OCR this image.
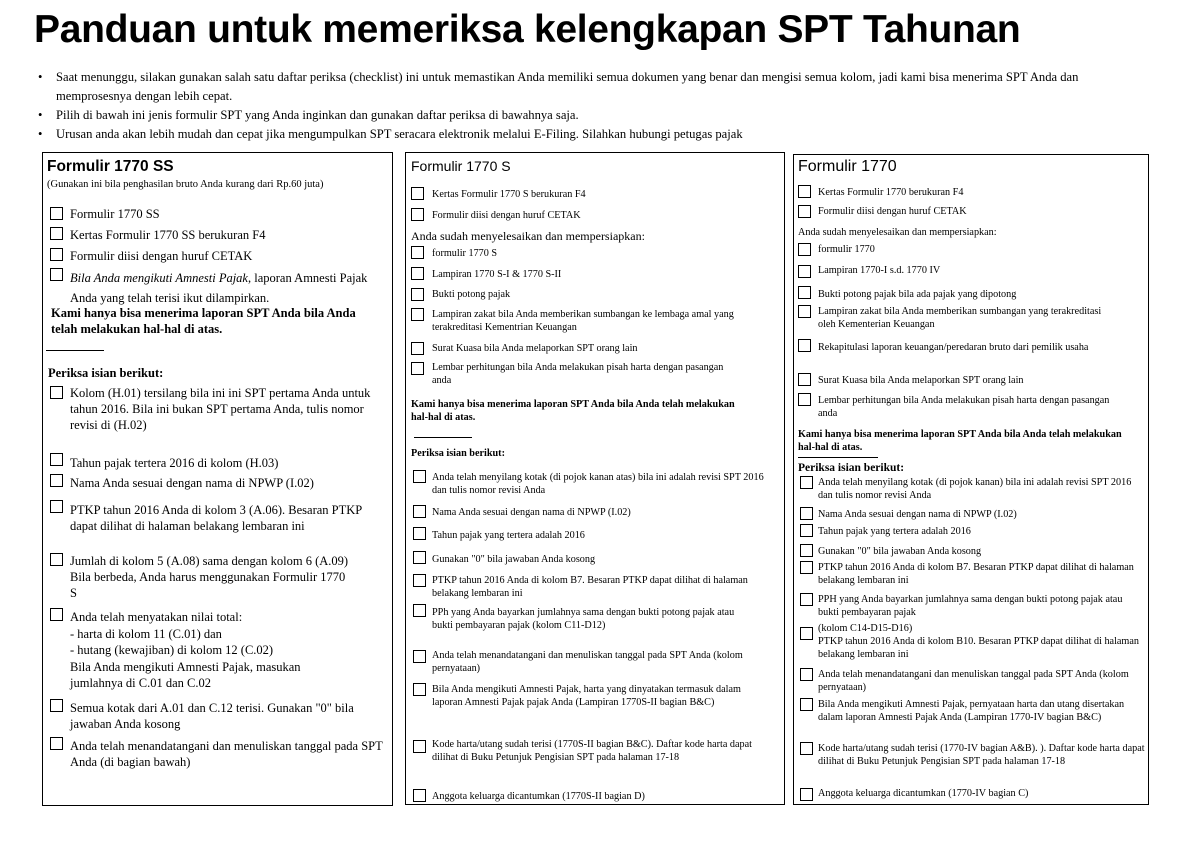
Panduan untuk memeriksa kelengkapan SPT Tahunan
• Saat menunggu, silakan gunakan salah satu daftar periksa (checklist) ini untuk memastikan Anda memiliki semua dokumen yang benar dan mengisi semua kolom, jadi kami bisa menerima SPT Anda dan memprosesnya dengan lebih cepat.
• Pilih di bawah ini jenis formulir SPT yang Anda inginkan dan gunakan daftar periksa di bawahnya saja.
• Urusan anda akan lebih mudah dan cepat jika mengumpulkan SPT seracara elektronik melalui E-Filing. Silahkan hubungi petugas pajak
Formulir 1770 SS
(Gunakan ini bila penghasilan bruto Anda kurang dari Rp.60 juta)
Formulir 1770 SS
Kertas Formulir 1770 SS berukuran F4
Formulir diisi dengan huruf CETAK
Bila Anda mengikuti Amnesti Pajak, laporan Amnesti Pajak Anda yang telah terisi ikut dilampirkan.
Kami hanya bisa menerima laporan SPT Anda bila Anda telah melakukan hal-hal di atas.
Periksa isian berikut:
Kolom (H.01) tersilang bila ini ini SPT pertama Anda untuk tahun 2016. Bila ini bukan SPT pertama Anda, tulis nomor revisi di (H.02)
Tahun pajak tertera 2016 di kolom (H.03)
Nama Anda sesuai dengan nama di NPWP (I.02)
PTKP tahun 2016 Anda di kolom 3 (A.06). Besaran PTKP dapat dilihat di halaman belakang lembaran ini
Jumlah di kolom 5 (A.08) sama dengan kolom 6 (A.09) Bila berbeda, Anda harus menggunakan Formulir 1770 S
Anda telah menyatakan nilai total:
- harta di kolom 11 (C.01) dan
- hutang (kewajiban) di kolom 12 (C.02)
Bila Anda mengikuti Amnesti Pajak, masukan jumlahnya di C.01 dan C.02
Semua kotak dari A.01 dan C.12 terisi. Gunakan "0" bila jawaban Anda kosong
Anda telah menandatangani dan menuliskan tanggal pada SPT Anda (di bagian bawah)
Formulir 1770 S
Kertas Formulir 1770 S berukuran F4
Formulir diisi dengan huruf CETAK
Anda sudah menyelesaikan dan mempersiapkan:
formulir 1770 S
Lampiran 1770 S-I & 1770 S-II
Bukti potong pajak
Lampiran zakat bila Anda memberikan sumbangan ke lembaga amal yang terakreditasi Kementrian Keuangan
Surat Kuasa bila Anda melaporkan SPT orang lain
Lembar perhitungan bila Anda melakukan pisah harta dengan pasangan anda
Kami hanya bisa menerima laporan SPT Anda bila Anda telah melakukan hal-hal di atas.
Periksa isian berikut:
Anda telah menyilang kotak (di pojok kanan atas) bila ini adalah revisi SPT 2016 dan tulis nomor revisi Anda
Nama Anda sesuai dengan nama di NPWP (I.02)
Tahun pajak yang tertera adalah 2016
Gunakan "0" bila jawaban Anda kosong
PTKP tahun 2016 Anda di kolom B7. Besaran PTKP dapat dilihat di halaman belakang lembaran ini
PPh yang Anda bayarkan jumlahnya sama dengan bukti potong pajak atau bukti pembayaran pajak (kolom C11-D12)
Anda telah menandatangani dan menuliskan tanggal pada SPT Anda (kolom pernyataan)
Bila Anda mengikuti Amnesti Pajak, harta yang dinyatakan termasuk dalam laporan Amnesti Pajak pajak Anda (Lampiran 1770S-II bagian B&C)
Kode harta/utang sudah terisi (1770S-II bagian B&C). Daftar kode harta dapat dilihat di Buku Petunjuk Pengisian SPT pada halaman 17-18
Anggota keluarga dicantumkan (1770S-II bagian D)
Formulir 1770
Kertas Formulir 1770 berukuran F4
Formulir diisi dengan huruf CETAK
Anda sudah menyelesaikan dan mempersiapkan:
formulir 1770
Lampiran 1770-I s.d. 1770 IV
Bukti potong pajak bila ada pajak yang dipotong
Lampiran zakat bila Anda memberikan sumbangan yang terakreditasi oleh Kementerian Keuangan
Rekapitulasi laporan keuangan/peredaran bruto dari pemilik usaha
Surat Kuasa bila Anda melaporkan SPT orang lain
Lembar perhitungan bila Anda melakukan pisah harta dengan pasangan anda
Kami hanya bisa menerima laporan SPT Anda bila Anda telah melakukan hal-hal di atas.
Periksa isian berikut:
Anda telah menyilang kotak (di pojok kanan) bila ini adalah revisi SPT 2016 dan tulis nomor revisi Anda
Nama Anda sesuai dengan nama di NPWP (I.02)
Tahun pajak yang tertera adalah 2016
Gunakan "0" bila jawaban Anda kosong
PTKP tahun 2016 Anda di kolom B7. Besaran PTKP dapat dilihat di halaman belakang lembaran ini
PPH yang Anda bayarkan jumlahnya sama dengan bukti potong pajak atau bukti pembayaran pajak
(kolom C14-D15-D16)
PTKP tahun 2016 Anda di kolom B10. Besaran PTKP dapat dilihat di halaman belakang lembaran ini
Anda telah menandatangani dan menuliskan tanggal pada SPT Anda (kolom pernyataan)
Bila Anda mengikuti Amnesti Pajak, pernyataan harta dan utang disertakan dalam laporan Amnesti Pajak Anda (Lampiran 1770-IV bagian B&C)
Kode harta/utang sudah terisi (1770-IV bagian A&B). ). Daftar kode harta dapat dilihat di Buku Petunjuk Pengisian SPT pada halaman 17-18
Anggota keluarga dicantumkan (1770-IV bagian C)
